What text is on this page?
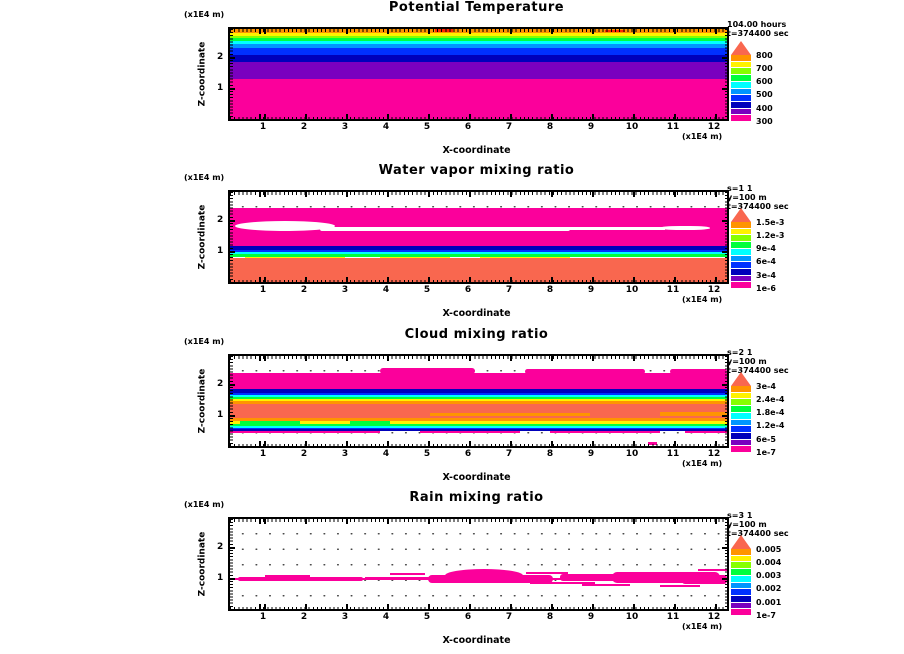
Potential Temperature
(x1E4 m)
Z-coordinate 2
1
1	2	3	4	5	6	7	8	9	10	11	12
(x1E4 m)
X-coordinate
104.00 hours
t=374400 sec
800
700
600
500
400
300
Water vapor mixing ratio
(x1E4 m)
Z-coordinate 2
1
1	2	3	4	5	6	7	8	9	10	11	12
(x1E4 m)
X-coordinate
s=1 1
y=100 m
t=374400 sec
1.5e-3
1.2e-3
9e-4
6e-4
3e-4
1e-6
Cloud mixing ratio
(x1E4 m)
Z-coordinate 2
1
1	2	3	4	5	6	7	8	9	10	11	12
(x1E4 m)
X-coordinate
s=2 1
y=100 m
t=374400 sec
3e-4
2.4e-4
1.8e-4
1.2e-4
6e-5
1e-7
Rain mixing ratio
(x1E4 m)
Z-coordinate 2
1
1	2	3	4	5	6	7	8	9	10	11	12
(x1E4 m)
X-coordinate
s=3 1
y=100 m
t=374400 sec
0.005
0.004
0.003
0.002
0.001
1e-7
